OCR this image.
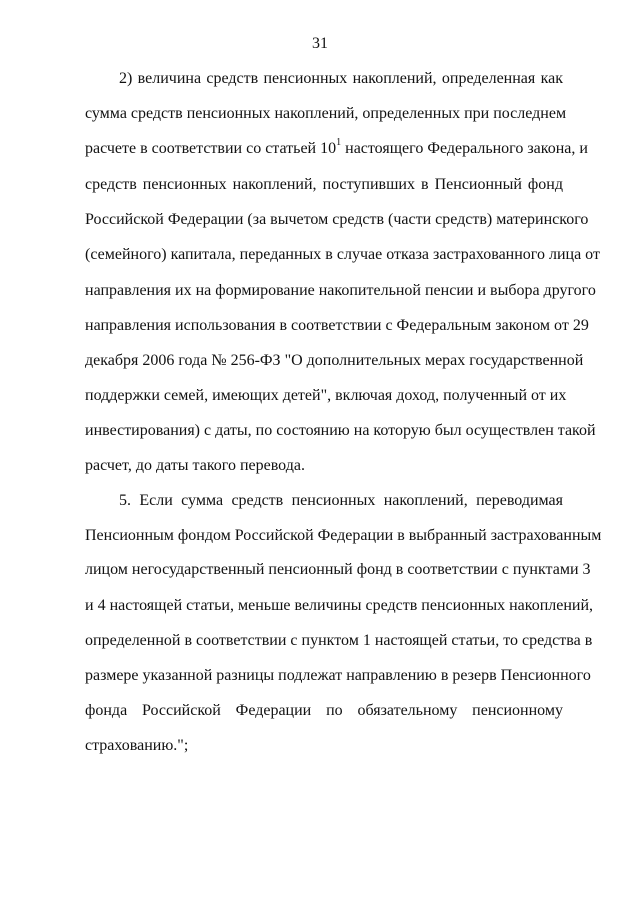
31
2) величина средств пенсионных накоплений, определенная как
сумма средств пенсионных накоплений, определенных при последнем
расчете в соответствии со статьей $10^1$ настоящего Федерального закона, и
средств пенсионных накоплений, поступивших в Пенсионный фонд
Российской Федерации (за вычетом средств (части средств) материнского
(семейного) капитала, переданных в случае отказа застрахованного лица от
направления их на формирование накопительной пенсии и выбора другого
направления использования в соответствии с Федеральным законом от 29
декабря 2006 года № 256-ФЗ "О дополнительных мерах государственной
поддержки семей, имеющих детей", включая доход, полученный от их
инвестирования) с даты, по состоянию на которую был осуществлен такой
расчет, до даты такого перевода.
5. Если сумма средств пенсионных накоплений, переводимая
Пенсионным фондом Российской Федерации в выбранный застрахованным
лицом негосударственный пенсионный фонд в соответствии с пунктами 3
и 4 настоящей статьи, меньше величины средств пенсионных накоплений,
определенной в соответствии с пунктом 1 настоящей статьи, то средства в
размере указанной разницы подлежат направлению в резерв Пенсионного
фонда Российской Федерации по обязательному пенсионному
страхованию.";
